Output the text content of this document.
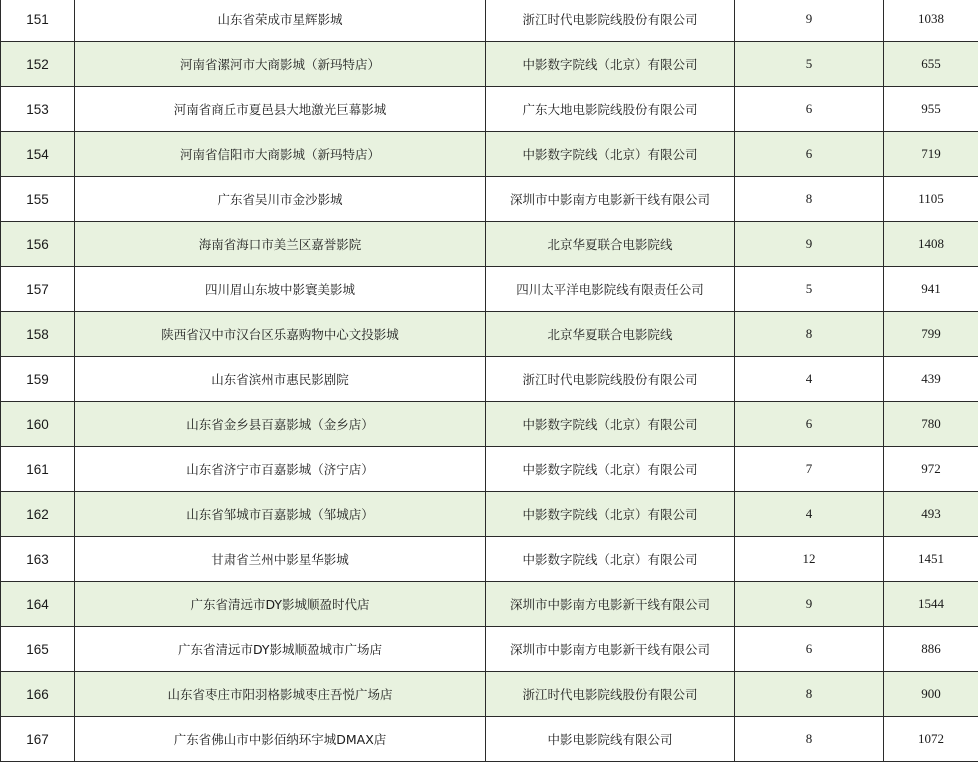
151	山东省荣成市星辉影城	浙江时代电影院线股份有限公司	9	1038
152	河南省漯河市大商影城（新玛特店）	中影数字院线（北京）有限公司	5	655
153	河南省商丘市夏邑县大地激光巨幕影城	广东大地电影院线股份有限公司	6	955
154	河南省信阳市大商影城（新玛特店）	中影数字院线（北京）有限公司	6	719
155	广东省吴川市金沙影城	深圳市中影南方电影新干线有限公司	8	1105
156	海南省海口市美兰区嘉誉影院	北京华夏联合电影院线	9	1408
157	四川眉山东坡中影寰美影城	四川太平洋电影院线有限责任公司	5	941
158	陕西省汉中市汉台区乐嘉购物中心文投影城	北京华夏联合电影院线	8	799
159	山东省滨州市惠民影剧院	浙江时代电影院线股份有限公司	4	439
160	山东省金乡县百嘉影城（金乡店）	中影数字院线（北京）有限公司	6	780
161	山东省济宁市百嘉影城（济宁店）	中影数字院线（北京）有限公司	7	972
162	山东省邹城市百嘉影城（邹城店）	中影数字院线（北京）有限公司	4	493
163	甘肃省兰州中影星华影城	中影数字院线（北京）有限公司	12	1451
164	广东省清远市DY影城顺盈时代店	深圳市中影南方电影新干线有限公司	9	1544
165	广东省清远市DY影城顺盈城市广场店	深圳市中影南方电影新干线有限公司	6	886
166	山东省枣庄市阳羽格影城枣庄吾悦广场店	浙江时代电影院线股份有限公司	8	900
167	广东省佛山市中影佰纳环宇城DMAX店	中影电影院线有限公司	8	1072
